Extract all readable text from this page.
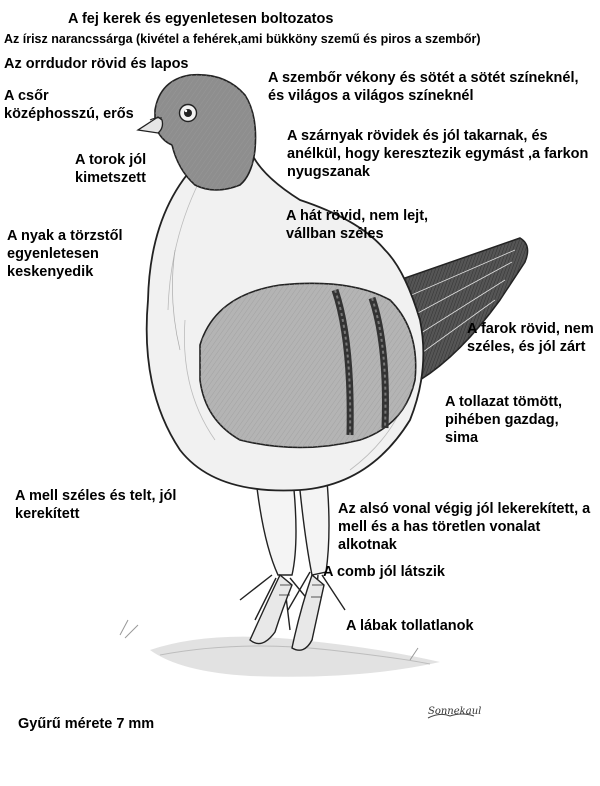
A fej kerek és egyenletesen boltozatos
Az írisz narancssárga (kivétel a fehérek,ami bükköny szemű és piros a szembőr)
Az orrdudor rövid és lapos
A csőr középhosszú, erős
A szembőr vékony és sötét a sötét színeknél, és világos a világos színeknél
A torok jól kimetszett
A szárnyak rövidek és jól takarnak, és anélkül, hogy keresztezik egymást ,a farkon nyugszanak
A nyak a törzstől egyenletesen keskenyedik
A hát rövid, nem lejt, vállban széles
A farok rövid, nem széles, és jól zárt
A tollazat tömött, pihében gazdag, sima
A mell széles és telt, jól kerekített	Az alsó vonal végig jól lekerekített, a mell és a has töretlen vonalat alkotnak
A comb jól látszik
A lábak tollatlanok
Gyűrű mérete 7 mm
Sonnekaul
